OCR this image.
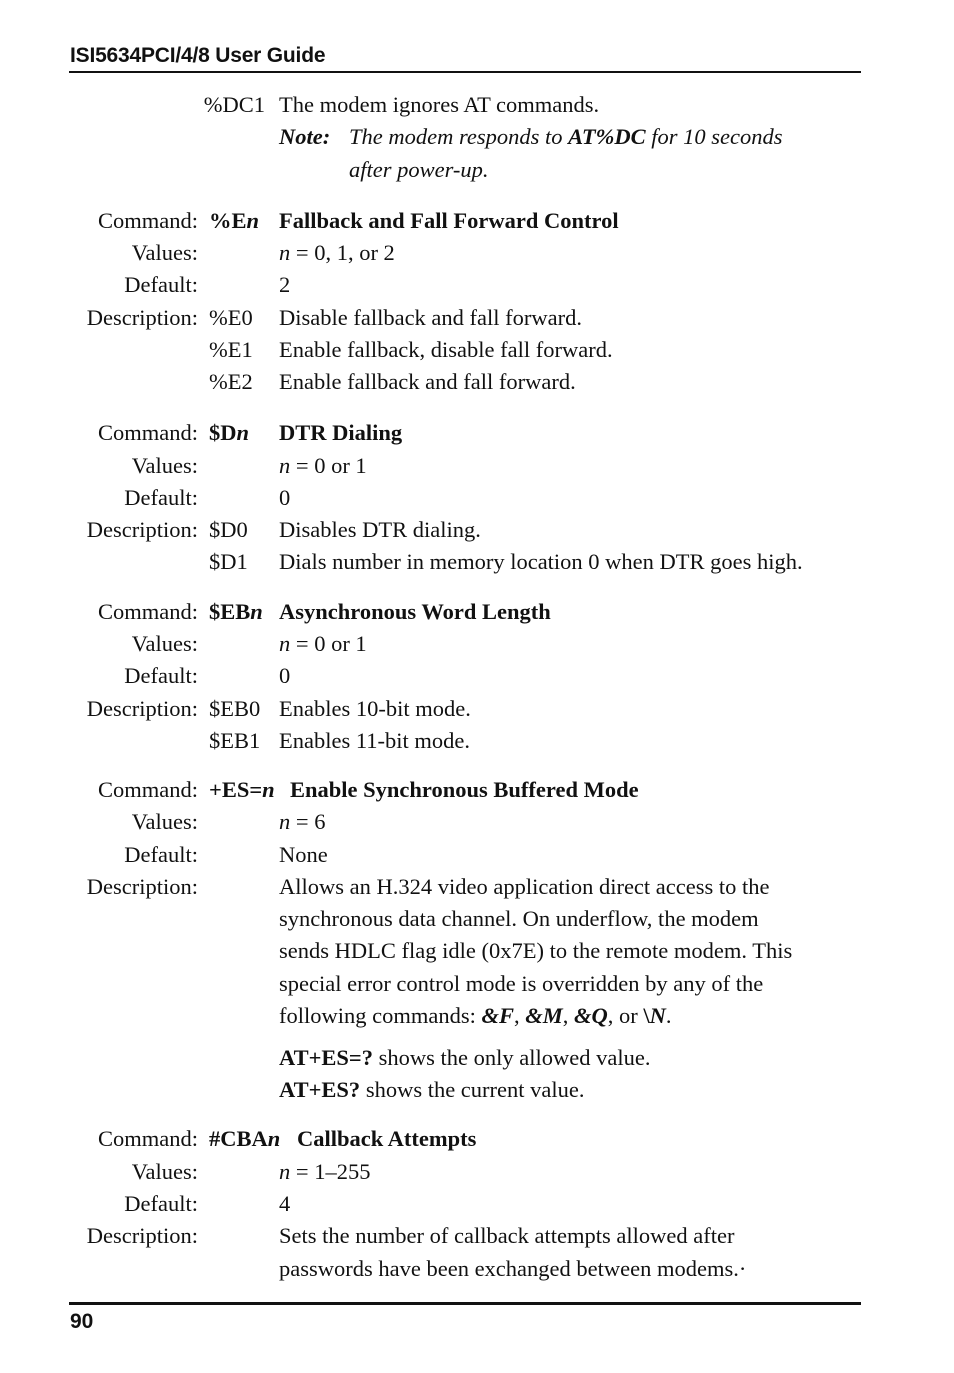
ISI5634PCI/4/8 User Guide
%DC1 The modem ignores AT commands.
Note: The modem responds to AT%DC for 10 seconds
after power-up.
Command: %En Fallback and Fall Forward Control
Values:	n = 0, 1, or 2
Default:	2
Description: %E0 Disable fallback and fall forward.
%E1 Enable fallback, disable fall forward.
%E2 Enable fallback and fall forward.
Command: $Dn DTR Dialing
Values:	n = 0 or 1
Default:	0
Description: $D0 Disables DTR dialing.
$D1 Dials number in memory location 0 when DTR goes high.
Command: $EBn Asynchronous Word Length
Values:	n = 0 or 1
Default:	0
Description: $EB0 Enables 10-bit mode.
$EB1 Enables 11-bit mode.
Command: +ES=n Enable Synchronous Buffered Mode
Values:	n = 6
Default:	None
Description:	Allows an H.324 video application direct access to the
synchronous data channel. On underflow, the modem
sends HDLC flag idle (0x7E) to the remote modem. This
special error control mode is overridden by any of the
following commands: &F, &M, &Q, or \N.
AT+ES=? shows the only allowed value.
AT+ES? shows the current value.
Command: #CBAn Callback Attempts
Values:	n = 1–255
Default:	4
Description:	Sets the number of callback attempts allowed after
passwords have been exchanged between modems.·
90
